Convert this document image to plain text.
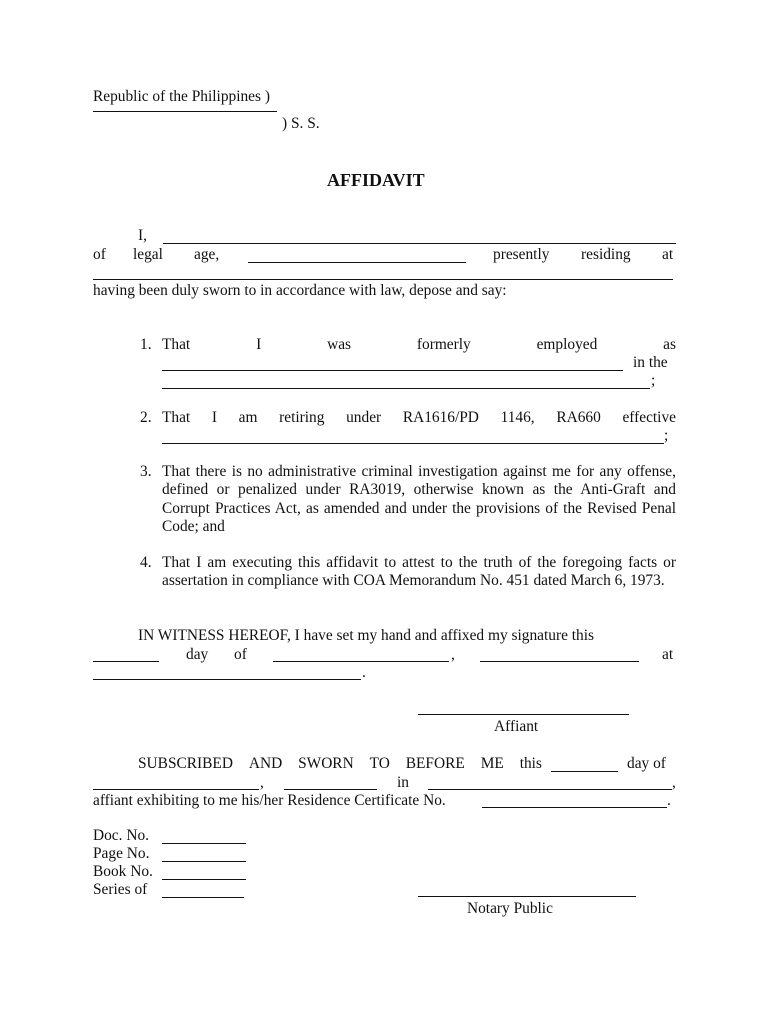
Republic of the Philippines )
) S. S.
AFFIDAVIT
I,
of legal age,	presently residing at
having been duly sworn to in accordance with law, depose and say:
1. That	I	was	formerly	employed	as
in the
;
2. That I am retiring under RA1616/PD 1146, RA660 effective
;
3. That there is no administrative criminal investigation against me for any offense, defined or penalized under RA3019, otherwise known as the Anti-Graft and Corrupt Practices Act, as amended and under the provisions of the Revised Penal Code; and
4. That I am executing this affidavit to attest to the truth of the foregoing facts or assertation in compliance with COA Memorandum No. 451 dated March 6, 1973.
IN WITNESS HEREOF, I have set my hand and affixed my signature this
day of	,	at
.
Affiant
SUBSCRIBED AND SWORN TO BEFORE ME this	day of
,	in	,
affiant exhibiting to me his/her Residence Certificate No.	.
Doc. No.
Page No.
Book No.
Series of
Notary Public
